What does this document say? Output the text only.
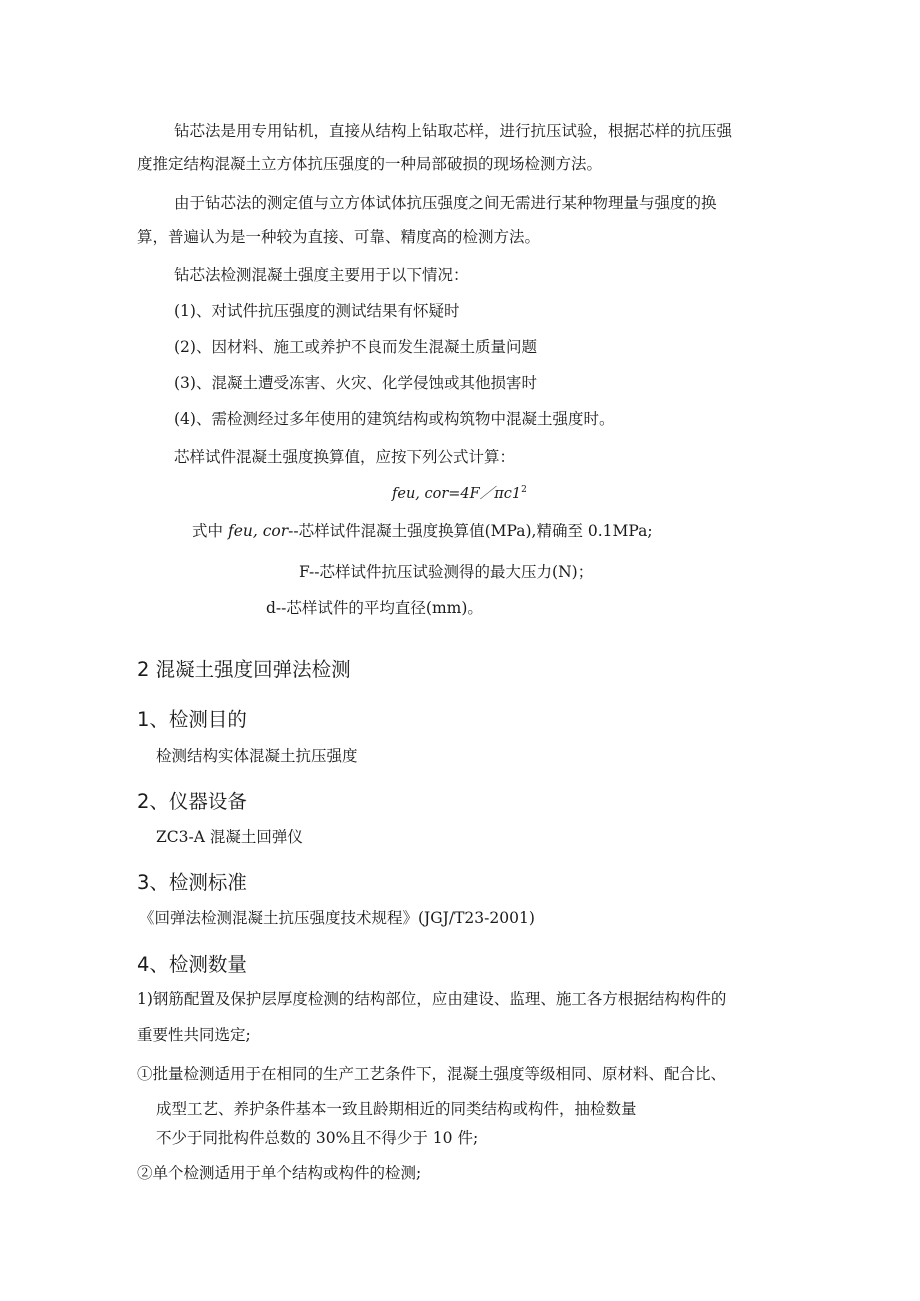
钻芯法是用专用钻机，直接从结构上钻取芯样，进行抗压试验，根据芯样的抗压强
度推定结构混凝土立方体抗压强度的一种局部破损的现场检测方法。
由于钻芯法的测定值与立方体试体抗压强度之间无需进行某种物理量与强度的换
算，普遍认为是一种较为直接、可靠、精度高的检测方法。
钻芯法检测混凝土强度主要用于以下情况：
(1)、对试件抗压强度的测试结果有怀疑时
(2)、因材料、施工或养护不良而发生混凝土质量问题
(3)、混凝土遭受冻害、火灾、化学侵蚀或其他损害时
(4)、需检测经过多年使用的建筑结构或构筑物中混凝土强度时。
芯样试件混凝土强度换算值，应按下列公式计算：
feu, $cor=4F/\pi c1^2$
式中 feu, cor--芯样试件混凝土强度换算值(MPa),精确至 0.1MPa;
F--芯样试件抗压试验测得的最大压力(N)；
d--芯样试件的平均直径(mm)。
2 混凝土强度回弹法检测
1、检测目的
检测结构实体混凝土抗压强度
2、仪器设备
ZC3-A 混凝土回弹仪
3、检测标准
《回弹法检测混凝土抗压强度技术规程》(JGJ/T23-2001)
4、检测数量
1)钢筋配置及保护层厚度检测的结构部位，应由建设、监理、施工各方根据结构构件的
重要性共同选定;
①批量检测适用于在相同的生产工艺条件下，混凝土强度等级相同、原材料、配合比、
成型工艺、养护条件基本一致且龄期相近的同类结构或构件，抽检数量
不少于同批构件总数的 30%且不得少于 10 件;
②单个检测适用于单个结构或构件的检测;
